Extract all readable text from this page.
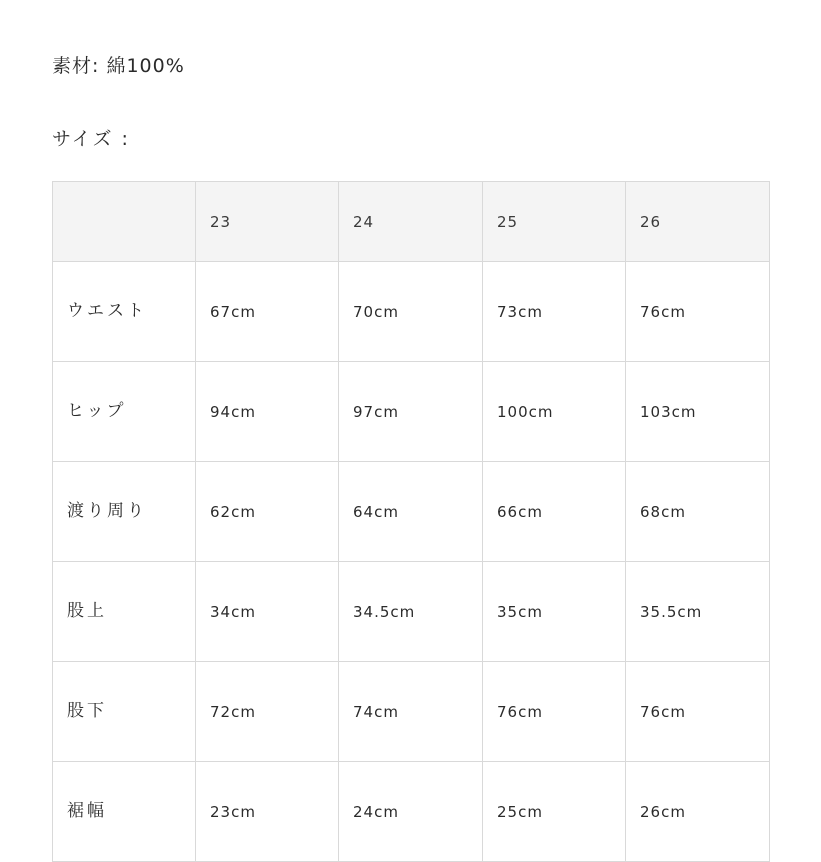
素材: 綿100%

サイズ :

	23	24	25	26
ウエスト	67cm	70cm	73cm	76cm
ヒップ	94cm	97cm	100cm	103cm
渡り周り	62cm	64cm	66cm	68cm
股上	34cm	34.5cm	35cm	35.5cm
股下	72cm	74cm	76cm	76cm
裾幅	23cm	24cm	25cm	26cm
